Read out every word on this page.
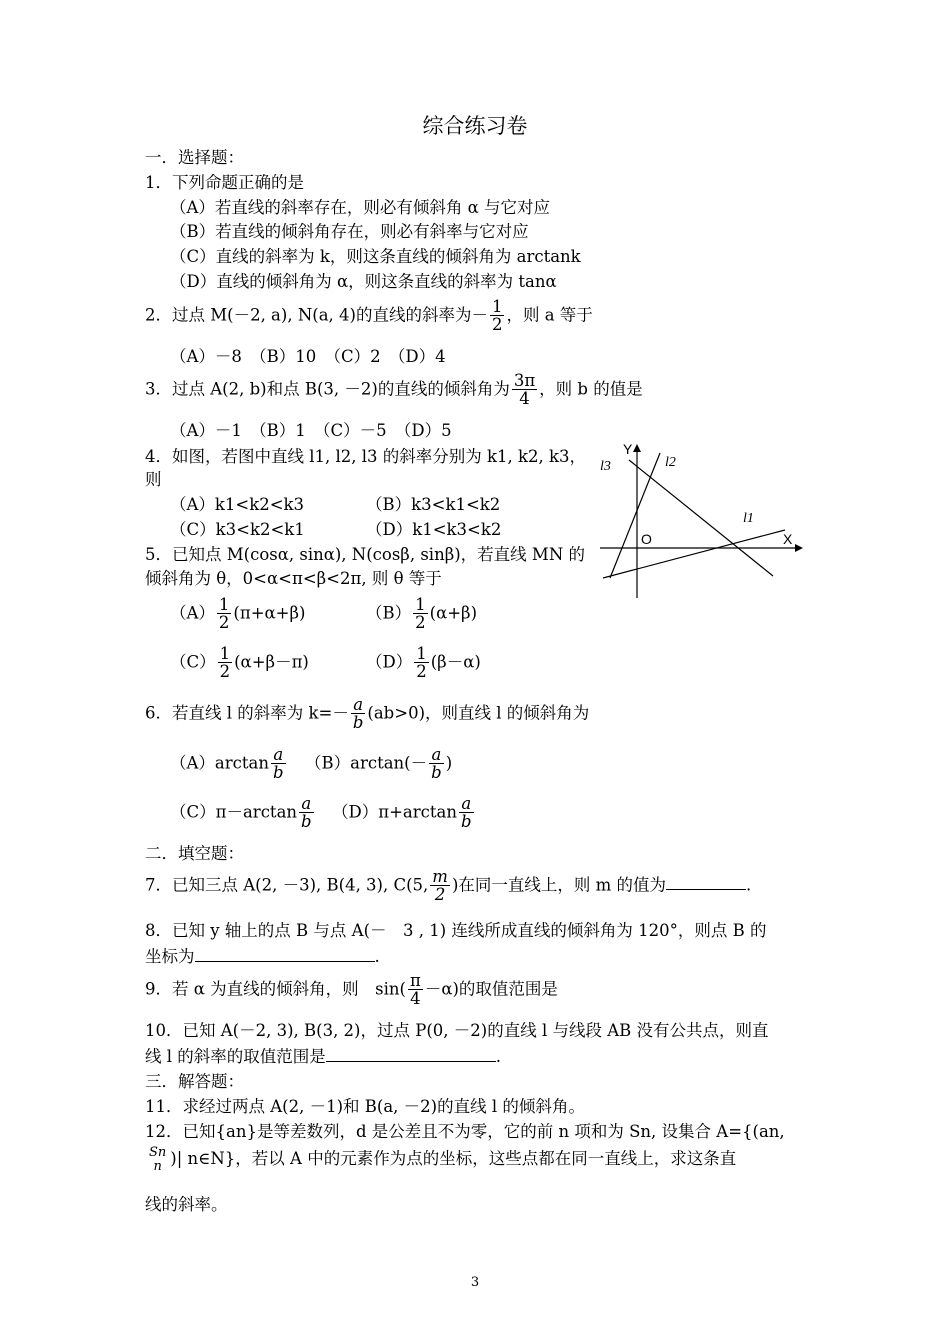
综合练习卷
一．选择题：
1．下列命题正确的是
（A）若直线的斜率存在，则必有倾斜角 α 与它对应
（B）若直线的倾斜角存在，则必有斜率与它对应
（C）直线的斜率为 k，则这条直线的倾斜角为 arctank
（D）直线的倾斜角为 α，则这条直线的斜率为 tanα
2．过点 M(－2, a), N(a, 4)的直线的斜率为－ $\frac{1}{2}$ ，则 a 等于
（A）－8　（B）10　（C）2　（D）4
3．过点 A(2, b)和点 B(3, －2)的直线的倾斜角为 $\frac{3\pi}{4}$ ，则 b 的值是
（A）－1　（B）1　（C）－5　（D）5
4．如图，若图中直线 l1, l2, l3 的斜率分别为 k1, k2, k3，
则
（A）k1<k2<k3	（B）k3<k1<k2
（C）k3<k2<k1	（D）k1<k3<k2
Y
X
O
l1
l2
l3
5．已知点 M(cosα, sinα), N(cosβ, sinβ)，若直线 MN 的
倾斜角为 θ，0<α<π<β<2π, 则 θ 等于
$(A) \frac{1}{2} (\pi+\alpha+\beta)$	$(B) \frac{1}{2} (\alpha+\beta)$
$(C) \frac{1}{2} (\alpha+\beta-\pi)$	$(D) \frac{1}{2} (\beta-\alpha)$
6．若直线 l 的斜率为 $k=- \frac{a}{b} (ab>0)$，则直线 l 的倾斜角为
$(A)\arctan \frac{a}{b} (B)\arctan(- \frac{a}{b}$ )
$(C)\pi-\arctan \frac{a}{b} (D)\pi+\arctan \frac{a}{b}$
二．填空题：
7．已知三点 A(2, －3), B(4, 3), C(5, $\frac{m}{2}$ )在同一直线上，则 m 的值为	.
8．已知 y 轴上的点 B 与点 A(－　3 , 1) 连线所成直线的倾斜角为 120°，则点 B 的
坐标为	.
9．若 α 为直线的倾斜角，则　$\sin( \frac{\pi}{4} -\alpha)$的取值范围是
10．已知 A(－2, 3), B(3, 2)，过点 P(0, －2)的直线 l 与线段 AB 没有公共点，则直
线 l 的斜率的取值范围是	.
三．解答题：
11．求经过两点 A(2, －1)和 B(a, －2)的直线 l 的倾斜角。
12．已知{an}是等差数列，d 是公差且不为零，它的前 n 项和为 Sn, 设集合 A={(an,
Sn
n )| n∈N}，若以 A 中的元素作为点的坐标，这些点都在同一直线上，求这条直
线的斜率。
3
